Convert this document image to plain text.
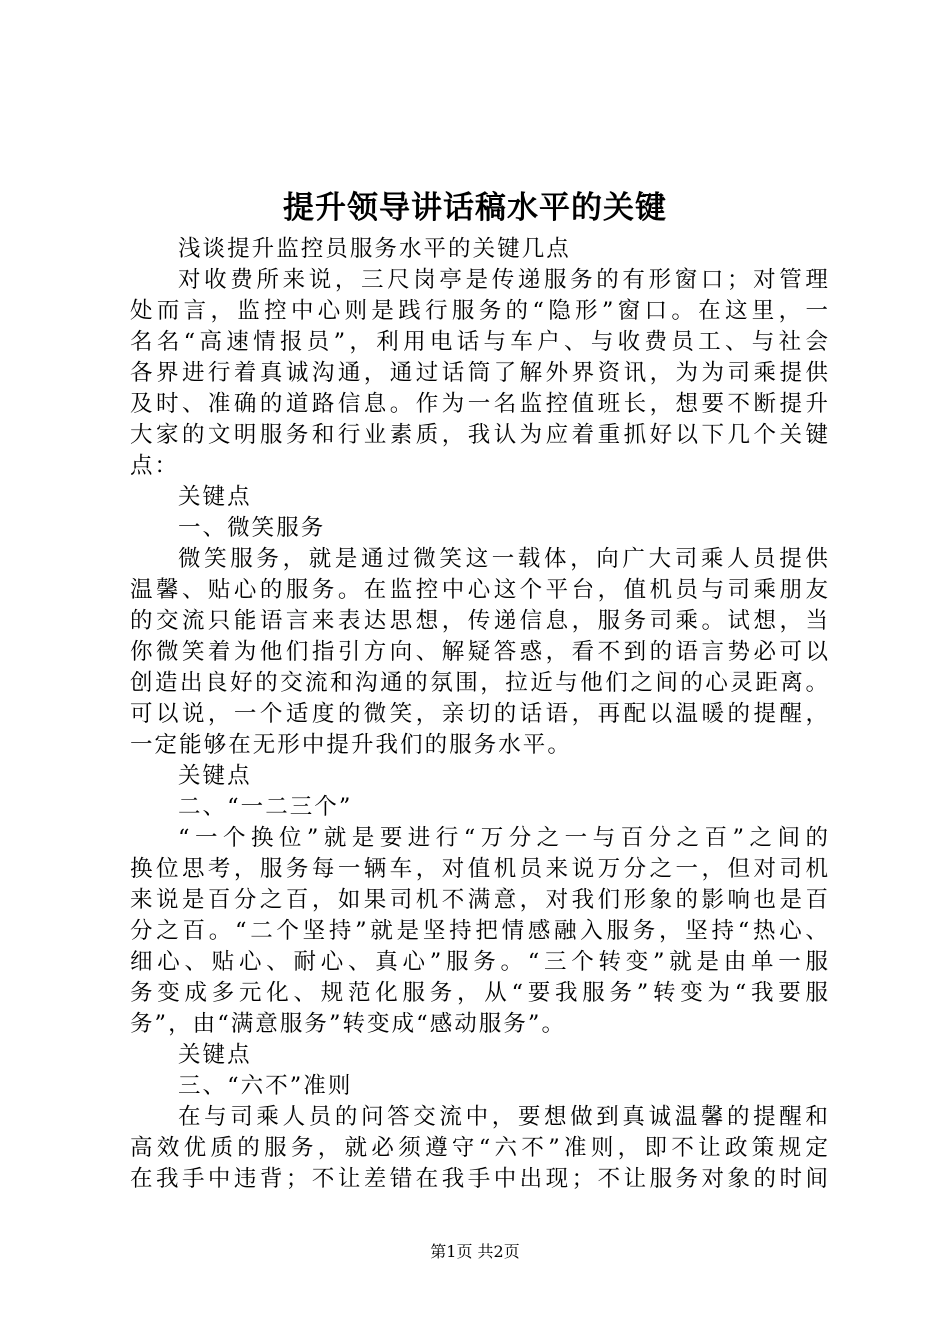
提升领导讲话稿水平的关键

浅谈提升监控员服务水平的关键几点

对收费所来说，三尺岗亭是传递服务的有形窗口；对管理

处而言，监控中心则是践行服务的“隐形”窗口。在这里，一

名名“高速情报员”，利用电话与车户、与收费员工、与社会

各界进行着真诚沟通，通过话筒了解外界资讯，为为司乘提供

及时、准确的道路信息。作为一名监控值班长，想要不断提升

大家的文明服务和行业素质，我认为应着重抓好以下几个关键

点：

关键点

一、微笑服务

微笑服务，就是通过微笑这一载体，向广大司乘人员提供

温馨、贴心的服务。在监控中心这个平台，值机员与司乘朋友

的交流只能语言来表达思想，传递信息，服务司乘。试想，当

你微笑着为他们指引方向、解疑答惑，看不到的语言势必可以

创造出良好的交流和沟通的氛围，拉近与他们之间的心灵距离。

可以说，一个适度的微笑，亲切的话语，再配以温暖的提醒，

一定能够在无形中提升我们的服务水平。

关键点

二、“一二三个”

“一个换位”就是要进行“万分之一与百分之百”之间的

换位思考，服务每一辆车，对值机员来说万分之一，但对司机

来说是百分之百，如果司机不满意，对我们形象的影响也是百

分之百。“二个坚持”就是坚持把情感融入服务，坚持“热心、

细心、贴心、耐心、真心”服务。“三个转变”就是由单一服

务变成多元化、规范化服务，从“要我服务”转变为“我要服

务”，由“满意服务”转变成“感动服务”。

关键点

三、“六不”准则

在与司乘人员的问答交流中，要想做到真诚温馨的提醒和

高效优质的服务，就必须遵守“六不”准则，即不让政策规定

在我手中违背；不让差错在我手中出现；不让服务对象的时间

第1页 共2页
